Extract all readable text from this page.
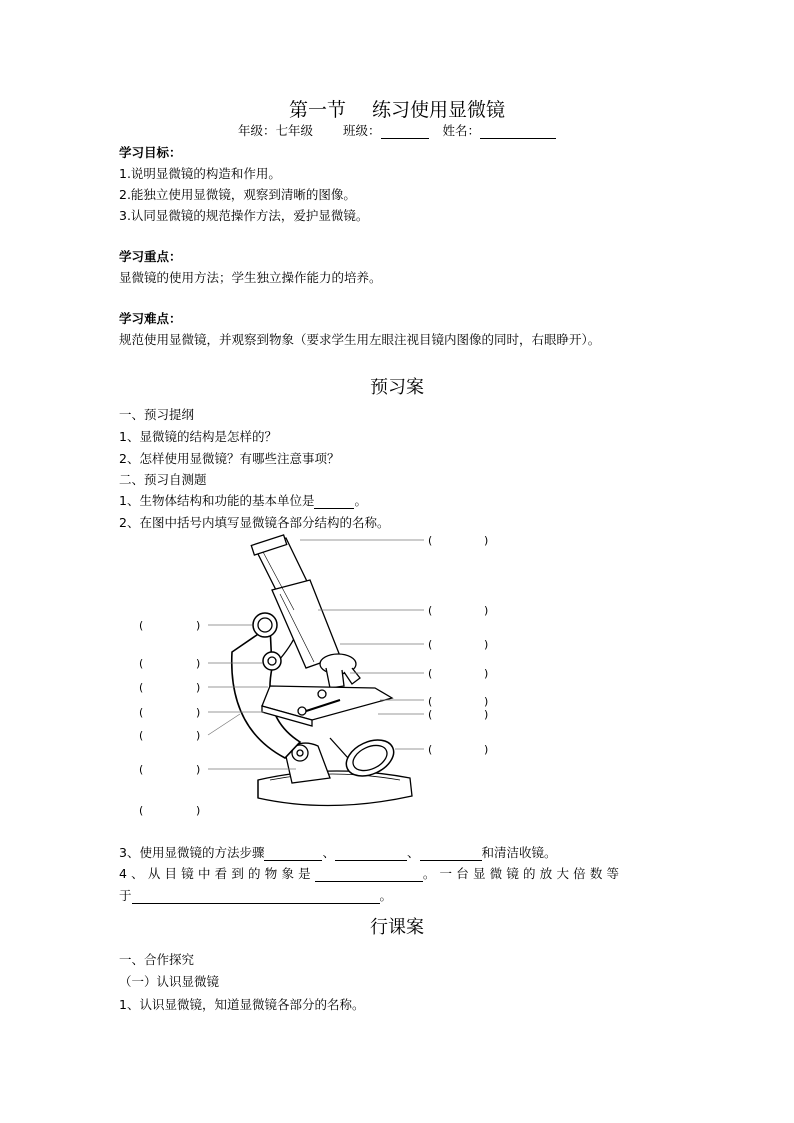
第一节 练习使用显微镜
年级：七年级 班级：	姓名：
学习目标：
1.说明显微镜的构造和作用。
2.能独立使用显微镜，观察到清晰的图像。
3.认同显微镜的规范操作方法，爱护显微镜。
学习重点：
显微镜的使用方法；学生独立操作能力的培养。
学习难点：
规范使用显微镜，并观察到物象（要求学生用左眼注视目镜内图像的同时，右眼睁开）。
预习案
一、预习提纲
1、显微镜的结构是怎样的？
2、怎样使用显微镜？有哪些注意事项？
二、预习自测题
1、生物体结构和功能的基本单位是	。
2、在图中括号内填写显微镜各部分结构的名称。
(	)
(	)
(	)
(	)
(	)
(	)
(	)
(	)
(	)
(	)
(	)
(	)
(	)
(	)
3、使用显微镜的方法步骤	、	、	和清洁收镜。
4、从目镜中看到的物象是	。一台显微镜的放大倍数等
于	。
行课案
一、合作探究
（一）认识显微镜
1、认识显微镜，知道显微镜各部分的名称。
